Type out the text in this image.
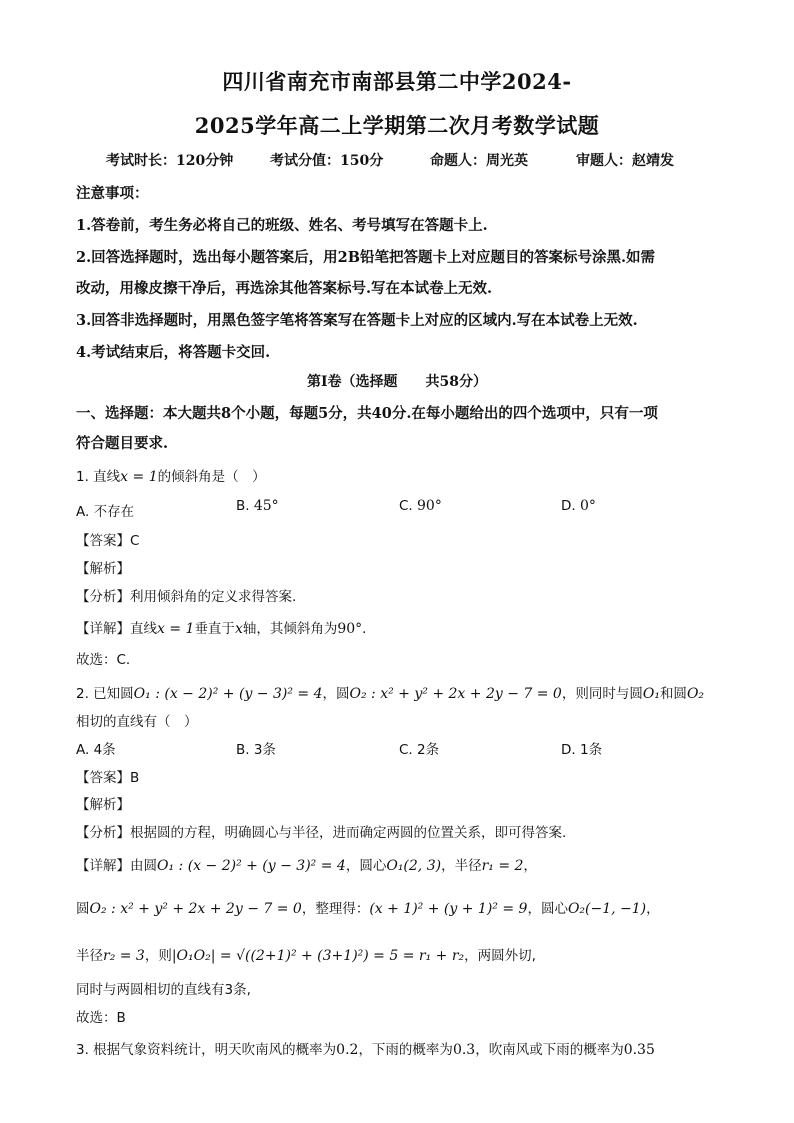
四川省南充市南部县第二中学2024-
2025学年高二上学期第二次月考数学试题
考试时长：120分钟	考试分值：150分	命题人：周光英	审题人：赵靖发
注意事项：
1.答卷前，考生务必将自己的班级、姓名、考号填写在答题卡上.
2.回答选择题时，选出每小题答案后，用2B铅笔把答题卡上对应题目的答案标号涂黑.如需
改动，用橡皮擦干净后，再选涂其他答案标号.写在本试卷上无效.
3.回答非选择题时，用黑色签字笔将答案写在答题卡上对应的区域内.写在本试卷上无效.
4.考试结束后，将答题卡交回.
第Ⅰ卷（选择题　　共58分）
一、选择题：本大题共8个小题，每题5分，共40分.在每小题给出的四个选项中，只有一项
符合题目要求.
1. 直线x = 1的倾斜角是（　）
A. 不存在	B. 45°	C. 90°	D. 0°
【答案】C
【解析】
【分析】利用倾斜角的定义求得答案.
【详解】直线x = 1垂直于x轴，其倾斜角为90°.
故选：C.
2. 已知圆O₁ : (x − 2)² + (y − 3)² = 4，圆O₂ : x² + y² + 2x + 2y − 7 = 0，则同时与圆O₁和圆O₂
相切的直线有（　）
A. 4条	B. 3条	C. 2条	D. 1条
【答案】B
【解析】
【分析】根据圆的方程，明确圆心与半径，进而确定两圆的位置关系，即可得答案.
【详解】由圆O₁ : (x − 2)² + (y − 3)² = 4，圆心O₁(2, 3)，半径r₁ = 2，
圆O₂ : x² + y² + 2x + 2y − 7 = 0，整理得：(x + 1)² + (y + 1)² = 9，圆心O₂(−1, −1)，
半径r₂ = 3，则|O₁O₂| = √((2+1)² + (3+1)²) = 5 = r₁ + r₂，两圆外切,
同时与两圆相切的直线有3条,
故选：B
3. 根据气象资料统计，明天吹南风的概率为0.2，下雨的概率为0.3，吹南风或下雨的概率为0.35
